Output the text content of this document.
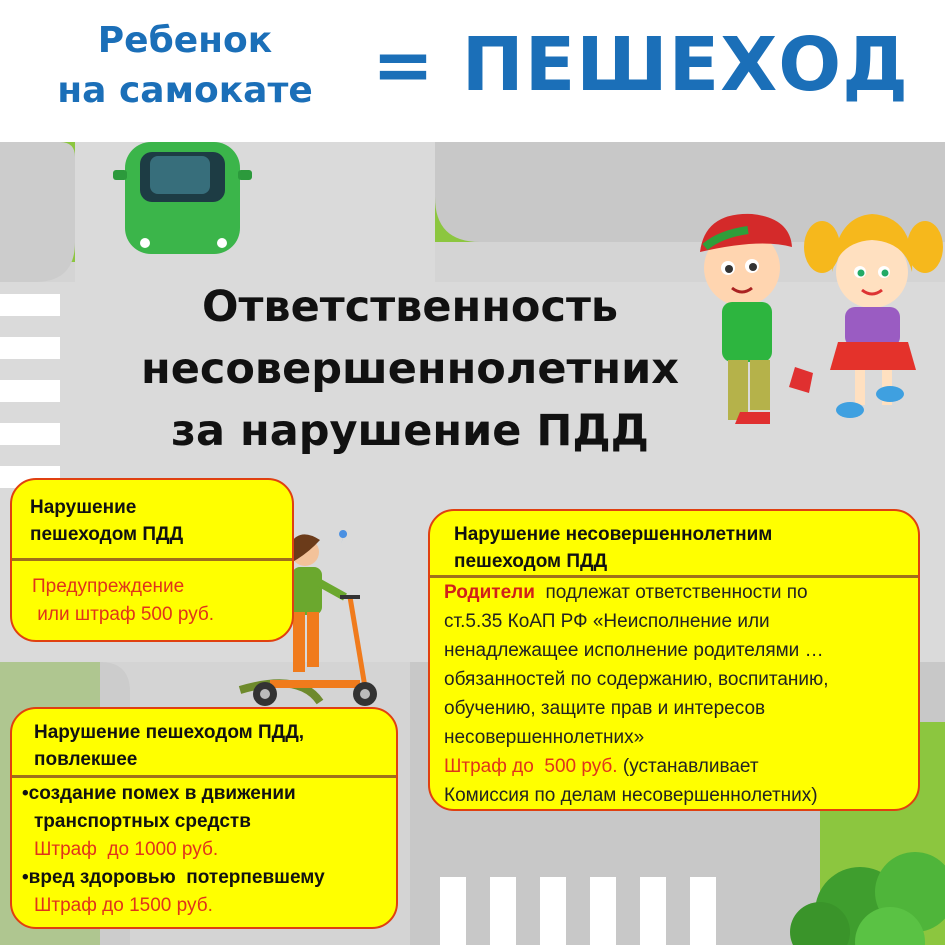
Ребенок
на самокате = ПЕШЕХОД
Ответственность
несовершеннолетних
за нарушение ПДД
Нарушение
пешеходом ПДД
Предупреждение
или штраф 500 руб.
Нарушение несовершеннолетним
пешеходом ПДД
Родители  подлежат ответственности по
ст.5.35 КоАП РФ «Неисполнение или
ненадлежащее исполнение родителями …
обязанностей по содержанию, воспитанию,
обучению, защите прав и интересов
несовершеннолетних»
Штраф до  500 руб. (устанавливает
Комиссия по делам несовершеннолетних)
Нарушение пешеходом ПДД,
повлекшее
•создание помех в движении
транспортных средств
Штраф  до 1000 руб.
•вред здоровью  потерпевшему
Штраф до 1500 руб.
